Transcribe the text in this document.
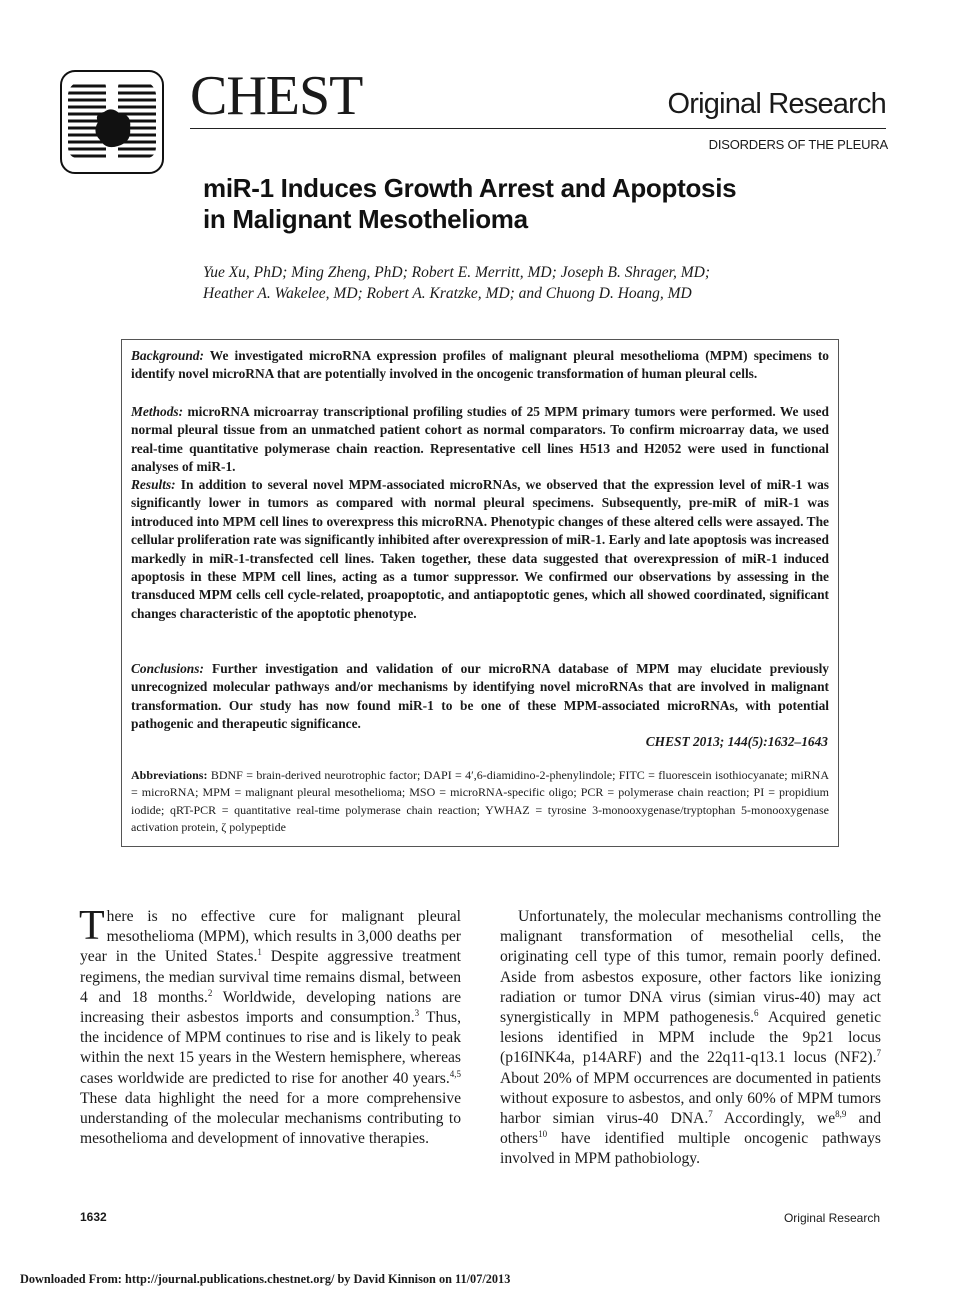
CHEST	Original Research
DISORDERS OF THE PLEURA
miR-1 Induces Growth Arrest and Apoptosis
in Malignant Mesothelioma
Yue Xu, PhD; Ming Zheng, PhD; Robert E. Merritt, MD; Joseph B. Shrager, MD;
Heather A. Wakelee, MD; Robert A. Kratzke, MD; and Chuong D. Hoang, MD
Background: We investigated microRNA expression profiles of malignant pleural mesothelioma (MPM) specimens to identify novel microRNA that are potentially involved in the oncogenic transformation of human pleural cells.
Methods: microRNA microarray transcriptional profiling studies of 25 MPM primary tumors were performed. We used normal pleural tissue from an unmatched patient cohort as normal comparators. To confirm microarray data, we used real-time quantitative polymerase chain reaction. Representative cell lines H513 and H2052 were used in functional analyses of miR-1.
Results: In addition to several novel MPM-associated microRNAs, we observed that the expression level of miR-1 was significantly lower in tumors as compared with normal pleural specimens. Subsequently, pre-miR of miR-1 was introduced into MPM cell lines to overexpress this microRNA. Phenotypic changes of these altered cells were assayed. The cellular proliferation rate was significantly inhibited after overexpression of miR-1. Early and late apoptosis was increased markedly in miR-1-transfected cell lines. Taken together, these data suggested that overexpression of miR-1 induced apoptosis in these MPM cell lines, acting as a tumor suppressor. We confirmed our observations by assessing in the transduced MPM cells cell cycle-related, proapoptotic, and antiapoptotic genes, which all showed coordinated, significant changes characteristic of the apoptotic phenotype.
Conclusions: Further investigation and validation of our microRNA database of MPM may elucidate previously unrecognized molecular pathways and/or mechanisms by identifying novel microRNAs that are involved in malignant transformation. Our study has now found miR-1 to be one of these MPM-associated microRNAs, with potential pathogenic and therapeutic significance.
CHEST 2013; 144(5):1632–1643
Abbreviations: BDNF = brain-derived neurotrophic factor; DAPI = 4′,6-diamidino-2-phenylindole; FITC = fluorescein isothiocyanate; miRNA = microRNA; MPM = malignant pleural mesothelioma; MSO = microRNA-specific oligo; PCR = polymerase chain reaction; PI = propidium iodide; qRT-PCR = quantitative real-time polymerase chain reaction; YWHAZ = tyrosine 3-monooxygenase/tryptophan 5-monooxygenase activation protein, ζ polypeptide
There is no effective cure for malignant pleural mesothelioma (MPM), which results in 3,000 deaths per year in the United States.$^1$ Despite aggressive treatment regimens, the median survival time remains dismal, between 4 and 18 months.$^2$ Worldwide, developing nations are increasing their asbestos imports and consumption.$^3$ Thus, the incidence of MPM continues to rise and is likely to peak within the next 15 years in the Western hemisphere, whereas cases worldwide are predicted to rise for another 40 years.$^{4,5}$ These data highlight the need for a more comprehensive understanding of the molecular mechanisms contributing to mesothelioma and development of innovative therapies.
Unfortunately, the molecular mechanisms controlling the malignant transformation of mesothelial cells, the originating cell type of this tumor, remain poorly defined. Aside from asbestos exposure, other factors like ionizing radiation or tumor DNA virus (simian virus-40) may act synergistically in MPM pathogenesis.$^6$ Acquired genetic lesions identified in MPM include the 9p21 locus (p16INK4a, p14ARF) and the 22q11-q13.1 locus (NF2).$^7$ About 20% of MPM occurrences are documented in patients without exposure to asbestos, and only 60% of MPM tumors harbor simian virus-40 DNA.$^7$ Accordingly, we$^{8,9}$ and others$^{10}$ have identified multiple oncogenic pathways involved in MPM pathobiology.
1632	Original Research
Downloaded From: http://journal.publications.chestnet.org/ by David Kinnison on 11/07/2013
